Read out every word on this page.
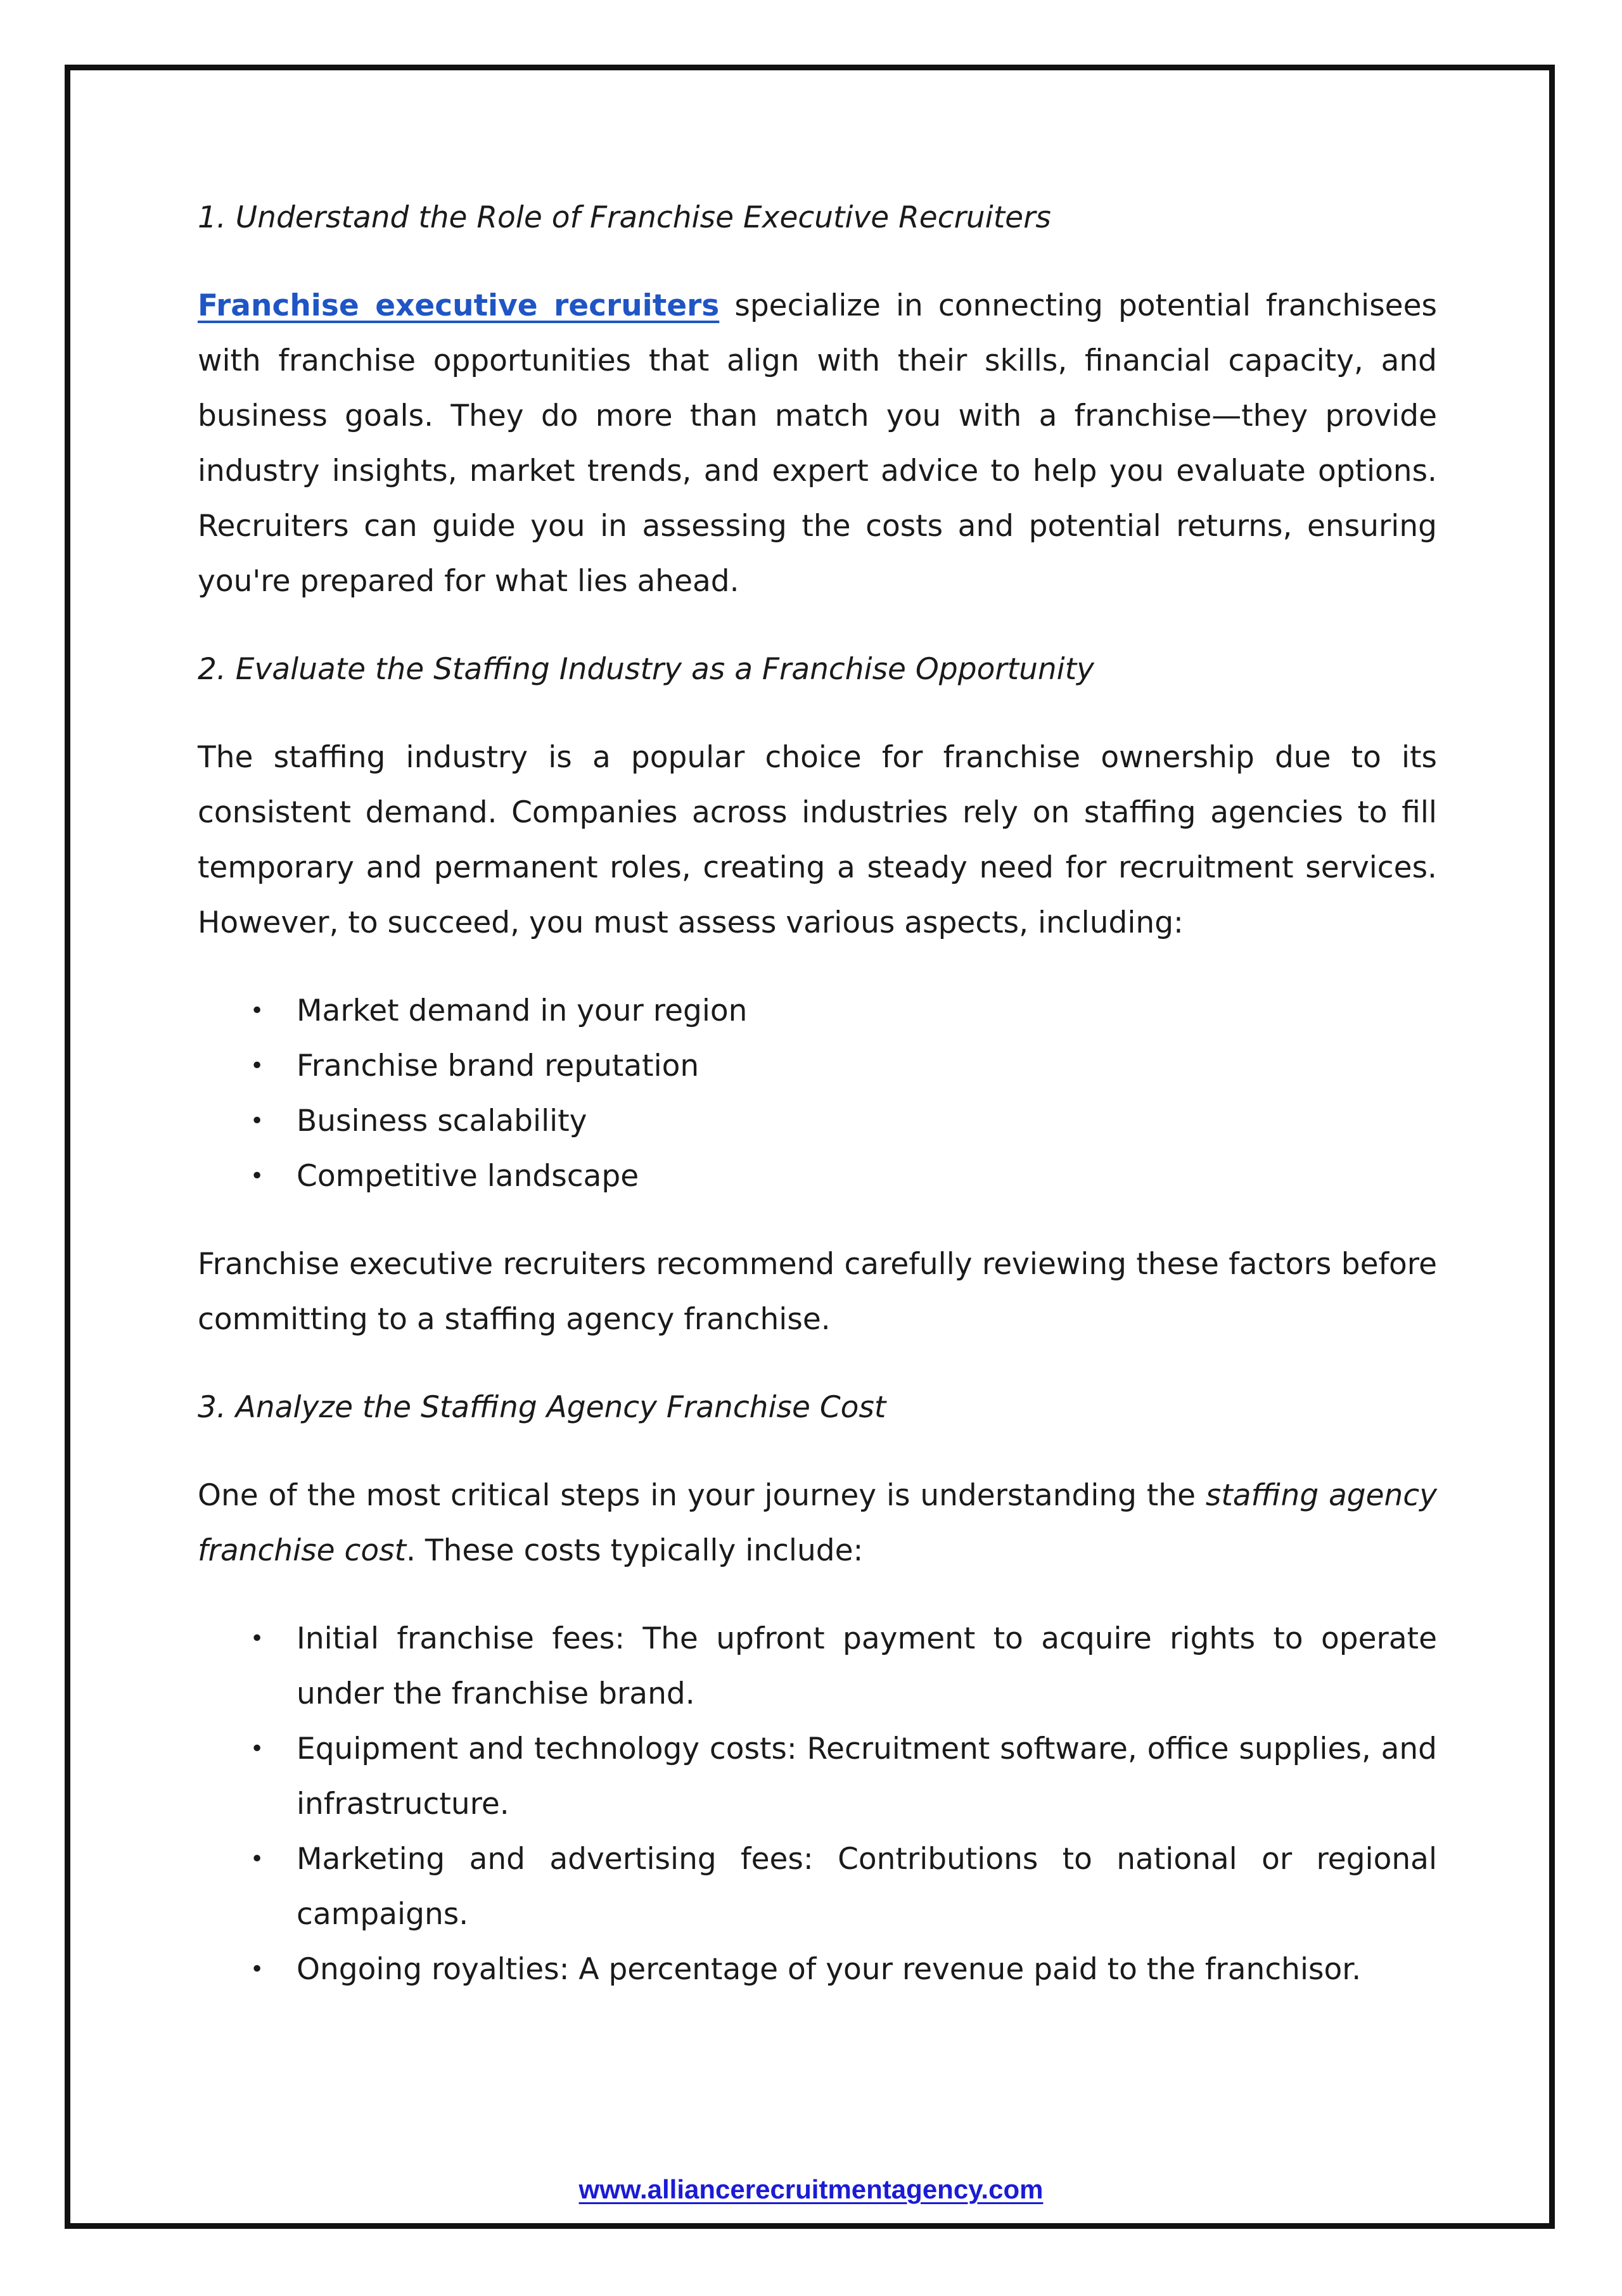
1. Understand the Role of Franchise Executive Recruiters

Franchise executive recruiters specialize in connecting potential franchisees with franchise opportunities that align with their skills, financial capacity, and business goals. They do more than match you with a franchise—they provide industry insights, market trends, and expert advice to help you evaluate options. Recruiters can guide you in assessing the costs and potential returns, ensuring you're prepared for what lies ahead.

2. Evaluate the Staffing Industry as a Franchise Opportunity

The staffing industry is a popular choice for franchise ownership due to its consistent demand. Companies across industries rely on staffing agencies to fill temporary and permanent roles, creating a steady need for recruitment services. However, to succeed, you must assess various aspects, including:

• Market demand in your region
• Franchise brand reputation
• Business scalability
• Competitive landscape

Franchise executive recruiters recommend carefully reviewing these factors before committing to a staffing agency franchise.

3. Analyze the Staffing Agency Franchise Cost

One of the most critical steps in your journey is understanding the staffing agency franchise cost. These costs typically include:

• Initial franchise fees: The upfront payment to acquire rights to operate under the franchise brand.
• Equipment and technology costs: Recruitment software, office supplies, and infrastructure.
• Marketing and advertising fees: Contributions to national or regional campaigns.
• Ongoing royalties: A percentage of your revenue paid to the franchisor.
www.alliancerecruitmentagency.com
